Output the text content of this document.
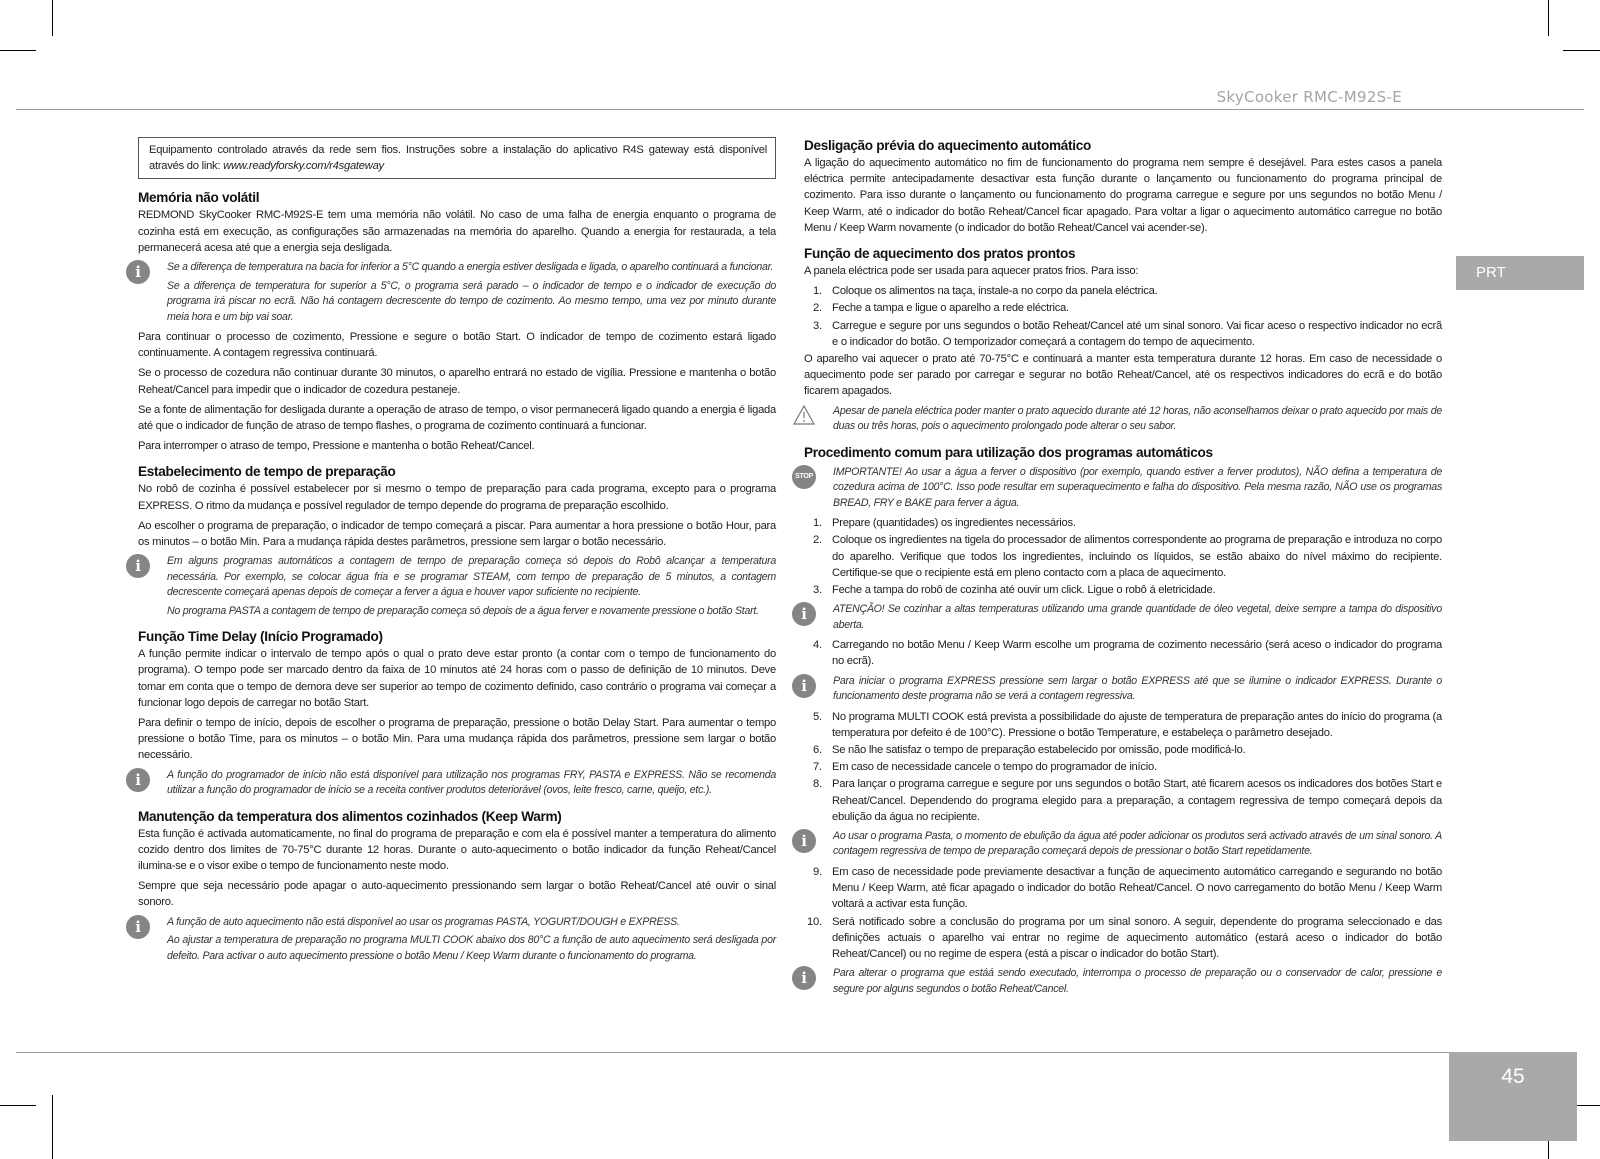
SkyCooker RMC-M92S-E
PRT
45
Equipamento controlado através da rede sem fios. Instruções sobre a instalação do aplicativo R4S gateway está disponível através do link: www.readyforsky.com/r4sgateway
Memória não volátil

REDMOND SkyCooker RMC-M92S-E tem uma memória não volátil. No caso de uma falha de energia enquanto o programa de cozinha está em execução, as configurações são armazenadas na memória do aparelho. Quando a energia for restaurada, a tela permanecerá acesa até que a energia seja desligada.

i	Se a diferença de temperatura na bacia for inferior a 5°C quando a energia estiver desligada e ligada, o aparelho continuará a funcionar.

Se a diferença de temperatura for superior a 5°C, o programa será parado – o indicador de tempo e o indicador de execução do programa irá piscar no ecrã. Não há contagem decrescente do tempo de cozimento. Ao mesmo tempo, uma vez por minuto durante meia hora e um bip vai soar.

Para continuar o processo de cozimento, Pressione e segure o botão Start. O indicador de tempo de cozimento estará ligado continuamente. A contagem regressiva continuará.

Se o processo de cozedura não continuar durante 30 minutos, o aparelho entrará no estado de vigília. Pressione e mantenha o botão Reheat/Cancel para impedir que o indicador de cozedura pestaneje.

Se a fonte de alimentação for desligada durante a operação de atraso de tempo, o visor permanecerá ligado quando a energia é ligada até que o indicador de função de atraso de tempo flashes, o programa de cozimento continuará a funcionar.

Para interromper o atraso de tempo, Pressione e mantenha o botão Reheat/Cancel.

Estabelecimento de tempo de preparação

No robô de cozinha é possível estabelecer por si mesmo o tempo de preparação para cada programa, excepto para o programa EXPRESS. O ritmo da mudança e possível regulador de tempo depende do programa de preparação escolhido.

Ao escolher o programa de preparação, o indicador de tempo começará a piscar. Para aumentar a hora pressione o botão Hour, para os minutos – o botão Min. Para a mudança rápida destes parâmetros, pressione sem largar o botão necessário.

i	Em alguns programas automáticos a contagem de tempo de preparação começa só depois do Robô alcançar a temperatura necessária. Por exemplo, se colocar água fria e se programar STEAM, com tempo de preparação de 5 minutos, a contagem decrescente começará apenas depois de começar a ferver a água e houver vapor suficiente no recipiente.

No programa PASTA a contagem de tempo de preparação começa só depois de a água ferver e novamente pressione o botão Start.

Função Time Delay (Início Programado)

A função permite indicar o intervalo de tempo após o qual o prato deve estar pronto (a contar com o tempo de funcionamento do programa). O tempo pode ser marcado dentro da faixa de 10 minutos até 24 horas com o passo de definição de 10 minutos. Deve tomar em conta que o tempo de demora deve ser superior ao tempo de cozimento definido, caso contrário o programa vai começar a funcionar logo depois de carregar no botão Start.

Para definir o tempo de início, depois de escolher o programa de preparação, pressione o botão Delay Start. Para aumentar o tempo pressione o botão Time, para os minutos – o botão Min. Para uma mudança rápida dos parâmetros, pressione sem largar o botão necessário.

i	A função do programador de início não está disponível para utilização nos programas FRY, PASTA e EXPRESS. Não se recomenda utilizar a função do programador de início se a receita contiver produtos deteriorável (ovos, leite fresco, carne, queijo, etc.).

Manutenção da temperatura dos alimentos cozinhados (Keep Warm)

Esta função é activada automaticamente, no final do programa de preparação e com ela é possível manter a temperatura do alimento cozido dentro dos limites de 70-75°C durante 12 horas. Durante o auto-aquecimento o botão indicador da função Reheat/Cancel ilumina-se e o visor exibe o tempo de funcionamento neste modo.

Sempre que seja necessário pode apagar o auto-aquecimento pressionando sem largar o botão Reheat/Cancel até ouvir o sinal sonoro.

i	A função de auto aquecimento não está disponível ao usar os programas PASTA, YOGURT/DOUGH e EXPRESS.

Ao ajustar a temperatura de preparação no programa MULTI COOK abaixo dos 80°C a função de auto aquecimento será desligada por defeito. Para activar o auto aquecimento pressione o botão Menu / Keep Warm durante o funcionamento do programa.

Desligação prévia do aquecimento automático

A ligação do aquecimento automático no fim de funcionamento do programa nem sempre é desejável. Para estes casos a panela eléctrica permite antecipadamente desactivar esta função durante o lançamento ou funcionamento do programa principal de cozimento. Para isso durante o lançamento ou funcionamento do programa carregue e segure por uns segundos no botão Menu / Keep Warm, até o indicador do botão Reheat/Cancel ficar apagado. Para voltar a ligar o aquecimento automático carregue no botão Menu / Keep Warm novamente (o indicador do botão Reheat/Cancel vai acender-se).

Função de aquecimento dos pratos prontos

A panela eléctrica pode ser usada para aquecer pratos frios. Para isso:

1. Coloque os alimentos na taça, instale-a no corpo da panela eléctrica.
2. Feche a tampa e ligue o aparelho a rede eléctrica.
3. Carregue e segure por uns segundos o botão Reheat/Cancel até um sinal sonoro. Vai ficar aceso o respectivo indicador no ecrã e o indicador do botão. O temporizador começará a contagem do tempo de aquecimento.

O aparelho vai aquecer o prato até 70-75°C e continuará a manter esta temperatura durante 12 horas. Em caso de necessidade o aquecimento pode ser parado por carregar e segurar no botão Reheat/Cancel, até os respectivos indicadores do ecrã e do botão ficarem apagados.

Apesar de panela eléctrica poder manter o prato aquecido durante até 12 horas, não aconselhamos deixar o prato aquecido por mais de duas ou três horas, pois o aquecimento prolongado pode alterar o seu sabor.

Procedimento comum para utilização dos programas automáticos
STOP IMPORTANTE! Ao usar a água a ferver o dispositivo (por exemplo, quando estiver a ferver produtos), NÃO defina a temperatura de cozedura acima de 100°C. Isso pode resultar em superaquecimento e falha do dispositivo. Pela mesma razão, NÃO use os programas BREAD, FRY e BAKE para ferver a água.

1. Prepare (quantidades) os ingredientes necessários.
2. Coloque os ingredientes na tigela do processador de alimentos correspondente ao programa de preparação e introduza no corpo do aparelho. Verifique que todos los ingredientes, incluindo os líquidos, se estão abaixo do nível máximo do recipiente. Certifique-se que o recipiente está em pleno contacto com a placa de aquecimento.
3. Feche a tampa do robô de cozinha até ouvir um click. Ligue o robô á eletricidade.
i	ATENÇÃO! Se cozinhar a altas temperaturas utilizando uma grande quantidade de óleo vegetal, deixe sempre a tampa do dispositivo aberta.

4. Carregando no botão Menu / Keep Warm escolhe um programa de cozimento necessário (será aceso o indicador do programa no ecrã).
i	Para iniciar o programa EXPRESS pressione sem largar o botão EXPRESS até que se ilumine o indicador EXPRESS. Durante o funcionamento deste programa não se verá a contagem regressiva.

5. No programa MULTI COOK está prevista a possibilidade do ajuste de temperatura de preparação antes do início do programa (a temperatura por defeito é de 100°C). Pressione o botão Temperature, e estabeleça o parâmetro desejado.
6. Se não lhe satisfaz o tempo de preparação estabelecido por omissão, pode modificá-lo.
7. Em caso de necessidade cancele o tempo do programador de início.
8. Para lançar o programa carregue e segure por uns segundos o botão Start, até ficarem acesos os indicadores dos botões Start e Reheat/Cancel. Dependendo do programa elegido para a preparação, a contagem regressiva de tempo começará depois da ebulição da água no recipiente.
i	Ao usar o programa Pasta, o momento de ebulição da água até poder adicionar os produtos será activado através de um sinal sonoro. A contagem regressiva de tempo de preparação começará depois de pressionar o botão Start repetidamente.

9. Em caso de necessidade pode previamente desactivar a função de aquecimento automático carregando e segurando no botão Menu / Keep Warm, até ficar apagado o indicador do botão Reheat/Cancel. O novo carregamento do botão Menu / Keep Warm voltará a activar esta função.
10. Será notificado sobre a conclusão do programa por um sinal sonoro. A seguir, dependente do programa seleccionado e das definições actuais o aparelho vai entrar no regime de aquecimento automático (estará aceso o indicador do botão Reheat/Cancel) ou no regime de espera (está a piscar o indicador do botão Start).
i	Para alterar o programa que estáá sendo executado, interrompa o processo de preparação ou o conservador de calor, pressione e segure por alguns segundos o botão Reheat/Cancel.
